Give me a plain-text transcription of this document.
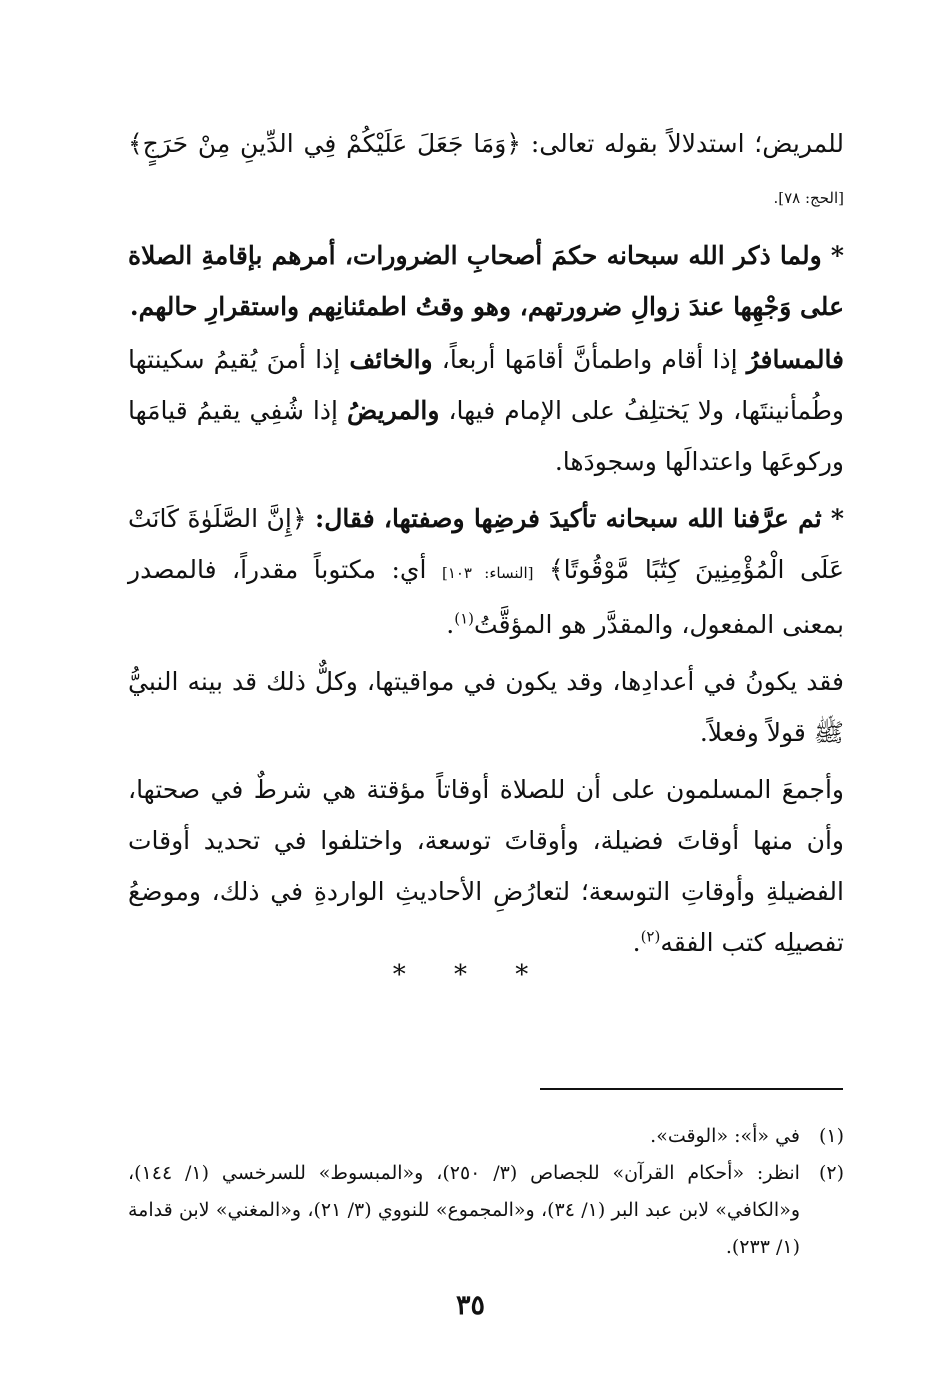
للمريض؛ استدلالاً بقوله تعالى: ﴿وَمَا جَعَلَ عَلَيْكُمْ فِي الدِّينِ مِنْ حَرَجٍ﴾ [الحج: ٧٨].

* ولما ذكر الله سبحانه حكمَ أصحابِ الضرورات، أمرهم بإقامةِ الصلاة على وَجْهِها عندَ زوالِ ضرورتهم، وهو وقتُ اطمئنانِهم واستقرارِ حالهم.

فالمسافرُ إذا أقام واطمأنَّ أقامَها أربعاً، والخائف إذا أمنَ يُقيمُ سكينتها وطُمأنينتَها، ولا يَختلِفُ على الإمام فيها، والمريضُ إذا شُفِي يقيمُ قيامَها وركوعَها واعتدالَها وسجودَها.

* ثم عرَّفنا الله سبحانه تأكيدَ فرضِها وصفتها، فقال: ﴿إِنَّ الصَّلَوٰةَ كَانَتْ عَلَى الْمُؤْمِنِينَ كِتَٰبًا مَّوْقُوتًا﴾ [النساء: ١٠٣] أي: مكتوباً مقدراً، فالمصدر بمعنى المفعول، والمقدَّر هو المؤقَّتُ$^{(١)}$.

فقد يكونُ في أعدادِها، وقد يكون في مواقيتها، وكلٌّ ذلك قد بينه النبيُّ ﷺ قولاً وفعلاً.

وأجمعَ المسلمون على أن للصلاة أوقاتاً مؤقتة هي شرطٌ في صحتها، وأن منها أوقاتَ فضيلة، وأوقاتَ توسعة، واختلفوا في تحديد أوقات الفضيلةِ وأوقاتِ التوسعة؛ لتعارُضِ الأحاديثِ الواردةِ في ذلك، وموضعُ تفصيلِه كتب الفقه$^{(٢)}$.

* * *
(١)
في «أ»: «الوقت».
(٢)
انظر: «أحكام القرآن» للجصاص (٣/ ٢٥٠)، و«المبسوط» للسرخسي (١/ ١٤٤)، و«الكافي» لابن عبد البر (١/ ٣٤)، و«المجموع» للنووي (٣/ ٢١)، و«المغني» لابن قدامة (١/ ٢٣٣).
٣٥
